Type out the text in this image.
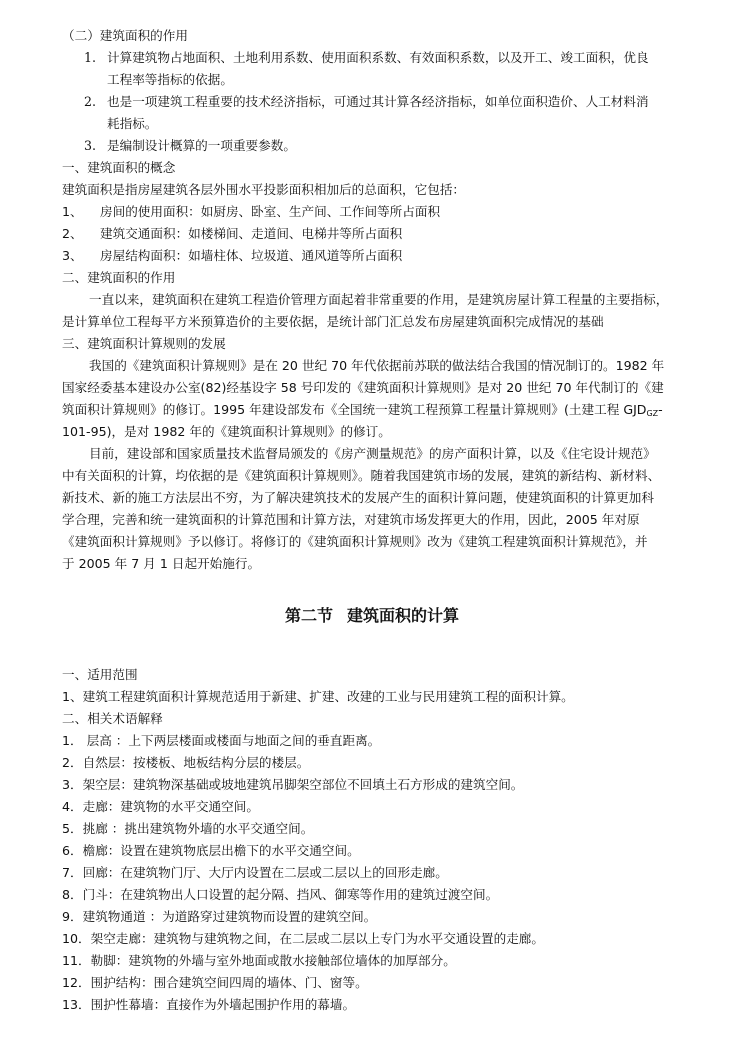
（二）建筑面积的作用
1. 计算建筑物占地面积、土地利用系数、使用面积系数、有效面积系数，以及开工、竣工面积，优良
工程率等指标的依据。
2. 也是一项建筑工程重要的技术经济指标，可通过其计算各经济指标，如单位面积造价、人工材料消
耗指标。
3. 是编制设计概算的一项重要参数。
一、建筑面积的概念
建筑面积是指房屋建筑各层外围水平投影面积相加后的总面积，它包括：
1、 房间的使用面积：如厨房、卧室、生产间、工作间等所占面积
2、 建筑交通面积：如楼梯间、走道间、电梯井等所占面积
3、 房屋结构面积：如墙柱体、垃圾道、通风道等所占面积
二、建筑面积的作用
一直以来，建筑面积在建筑工程造价管理方面起着非常重要的作用，是建筑房屋计算工程量的主要指标，
是计算单位工程每平方米预算造价的主要依据，是统计部门汇总发布房屋建筑面积完成情况的基础
三、建筑面积计算规则的发展
我国的《建筑面积计算规则》是在 20 世纪 70 年代依据前苏联的做法结合我国的情况制订的。1982 年
国家经委基本建设办公室(82)经基设字 58 号印发的《建筑面积计算规则》是对 20 世纪 70 年代制订的《建
筑面积计算规则》的修订。1995 年建设部发布《全国统一建筑工程预算工程量计算规则》(土建工程 $GJD_{GZ}-$
101-95)，是对 1982 年的《建筑面积计算规则》的修订。
目前，建设部和国家质量技术监督局颁发的《房产测量规范》的房产面积计算，以及《住宅设计规范》
中有关面积的计算，均依据的是《建筑面积计算规则》。随着我国建筑市场的发展，建筑的新结构、新材料、
新技术、新的施工方法层出不穷，为了解决建筑技术的发展产生的面积计算问题，使建筑面积的计算更加科
学合理，完善和统一建筑面积的计算范围和计算方法，对建筑市场发挥更大的作用，因此，2005 年对原
《建筑面积计算规则》予以修订。将修订的《建筑面积计算规则》改为《建筑工程建筑面积计算规范》，并
于 2005 年 7 月 1 日起开始施行。
第二节 建筑面积的计算
一、适用范围
1、建筑工程建筑面积计算规范适用于新建、扩建、改建的工业与民用建筑工程的面积计算。
二、相关术语解释
1． 层高 ：上下两层楼面或楼面与地面之间的垂直距离。
2．自然层：按楼板、地板结构分层的楼层。
3．架空层：建筑物深基础或坡地建筑吊脚架空部位不回填土石方形成的建筑空间。
4．走廊：建筑物的水平交通空间。
5．挑廊 ：挑出建筑物外墙的水平交通空间。
6．檐廊：设置在建筑物底层出檐下的水平交通空间。
7．回廊：在建筑物门厅、大厅内设置在二层或二层以上的回形走廊。
8．门斗：在建筑物出人口设置的起分隔、挡风、御寒等作用的建筑过渡空间。
9．建筑物通道 ：为道路穿过建筑物而设置的建筑空间。
10．架空走廊：建筑物与建筑物之间，在二层或二层以上专门为水平交通设置的走廊。
11．勒脚：建筑物的外墙与室外地面或散水接触部位墙体的加厚部分。
12．围护结构：围合建筑空间四周的墙体、门、窗等。
13．围护性幕墙：直接作为外墙起围护作用的幕墙。
